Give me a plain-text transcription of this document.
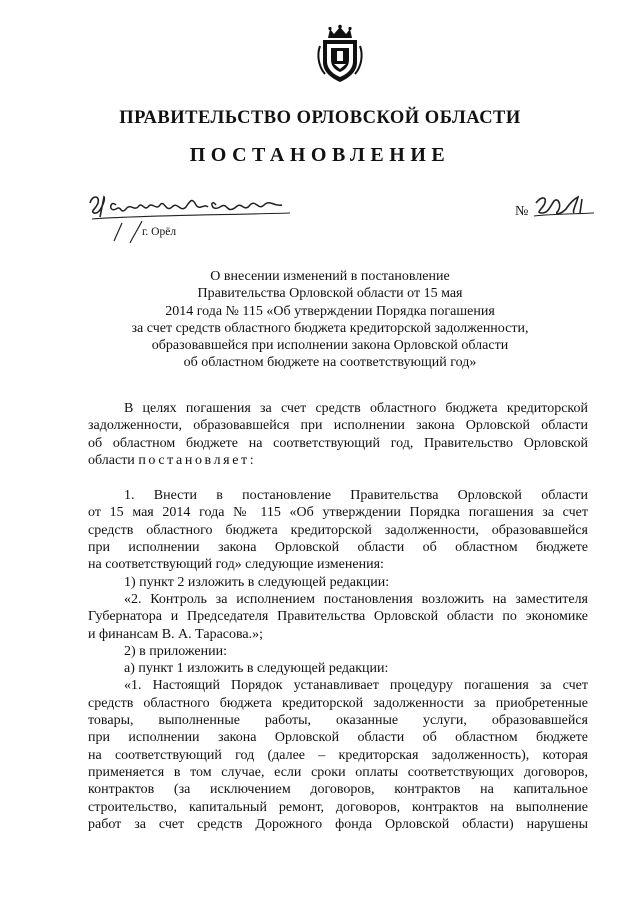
ПРАВИТЕЛЬСТВО ОРЛОВСКОЙ ОБЛАСТИ
ПОСТАНОВЛЕНИЕ
г. Орёл
№
О внесении изменений в постановление
Правительства Орловской области от 15 мая
2014 года № 115 «Об утверждении Порядка погашения
за счет средств областного бюджета кредиторской задолженности,
образовавшейся при исполнении закона Орловской области
об областном бюджете на соответствующий год»
В целях погашения за счет средств областного бюджета кредиторской
задолженности, образовавшейся при исполнении закона Орловской области
об областном бюджете на соответствующий год, Правительство Орловской
области постановляет:
1. Внести в постановление Правительства Орловской области
от 15 мая 2014 года № 115 «Об утверждении Порядка погашения за счет
средств областного бюджета кредиторской задолженности, образовавшейся
при исполнении закона Орловской области об областном бюджете
на соответствующий год» следующие изменения:
1) пункт 2 изложить в следующей редакции:
«2. Контроль за исполнением постановления возложить на заместителя
Губернатора и Председателя Правительства Орловской области по экономике
и финансам В. А. Тарасова.»;
2) в приложении:
а) пункт 1 изложить в следующей редакции:
«1. Настоящий Порядок устанавливает процедуру погашения за счет
средств областного бюджета кредиторской задолженности за приобретенные
товары, выполненные работы, оказанные услуги, образовавшейся
при исполнении закона Орловской области об областном бюджете
на соответствующий год (далее – кредиторская задолженность), которая
применяется в том случае, если сроки оплаты соответствующих договоров,
контрактов (за исключением договоров, контрактов на капитальное
строительство, капитальный ремонт, договоров, контрактов на выполнение
работ за счет средств Дорожного фонда Орловской области) нарушены
